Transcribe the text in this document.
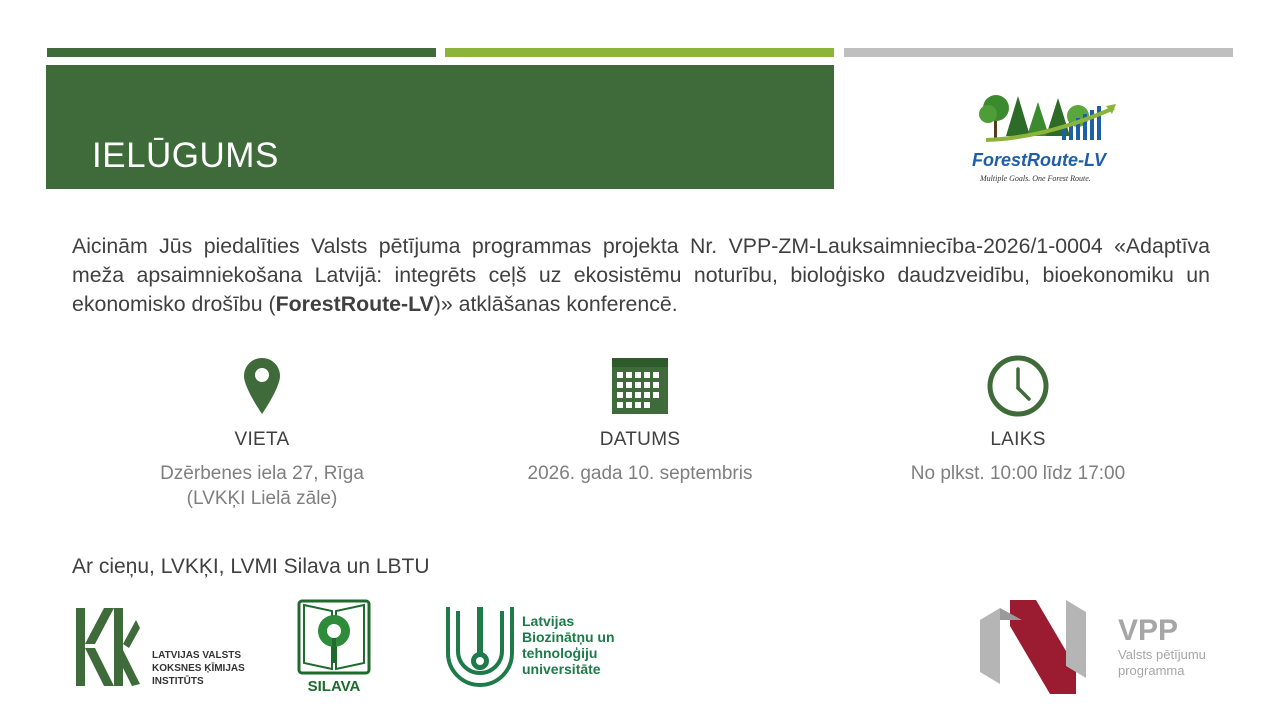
IELŪGUMS	ForestRoute-LV
Multiple Goals. One Forest Route.
Aicinām Jūs piedalīties Valsts pētījuma programmas projekta Nr. VPP-ZM-Lauksaimniecība-2026/1-0004 «Adaptīva meža apsaimniekošana Latvijā: integrēts ceļš uz ekosistēmu noturību, bioloģisko daudzveidību, bioekonomiku un ekonomisko drošību (ForestRoute-LV)» atklāšanas konferencē.
VIETA
Dzērbenes iela 27, Rīga
(LVKĶI Lielā zāle)
DATUMS
2026. gada 10. septembris
LAIKS
No plkst. 10:00 līdz 17:00
Ar cieņu, LVKĶI, LVMI Silava un LBTU
LATVIJAS VALSTS
KOKSNES ĶĪMIJAS
INSTITŪTS	SILAVA
Latvijas
Biozinātņu un
tehnoloģiju
universitāte
VPP
Valsts pētījumu
programma
